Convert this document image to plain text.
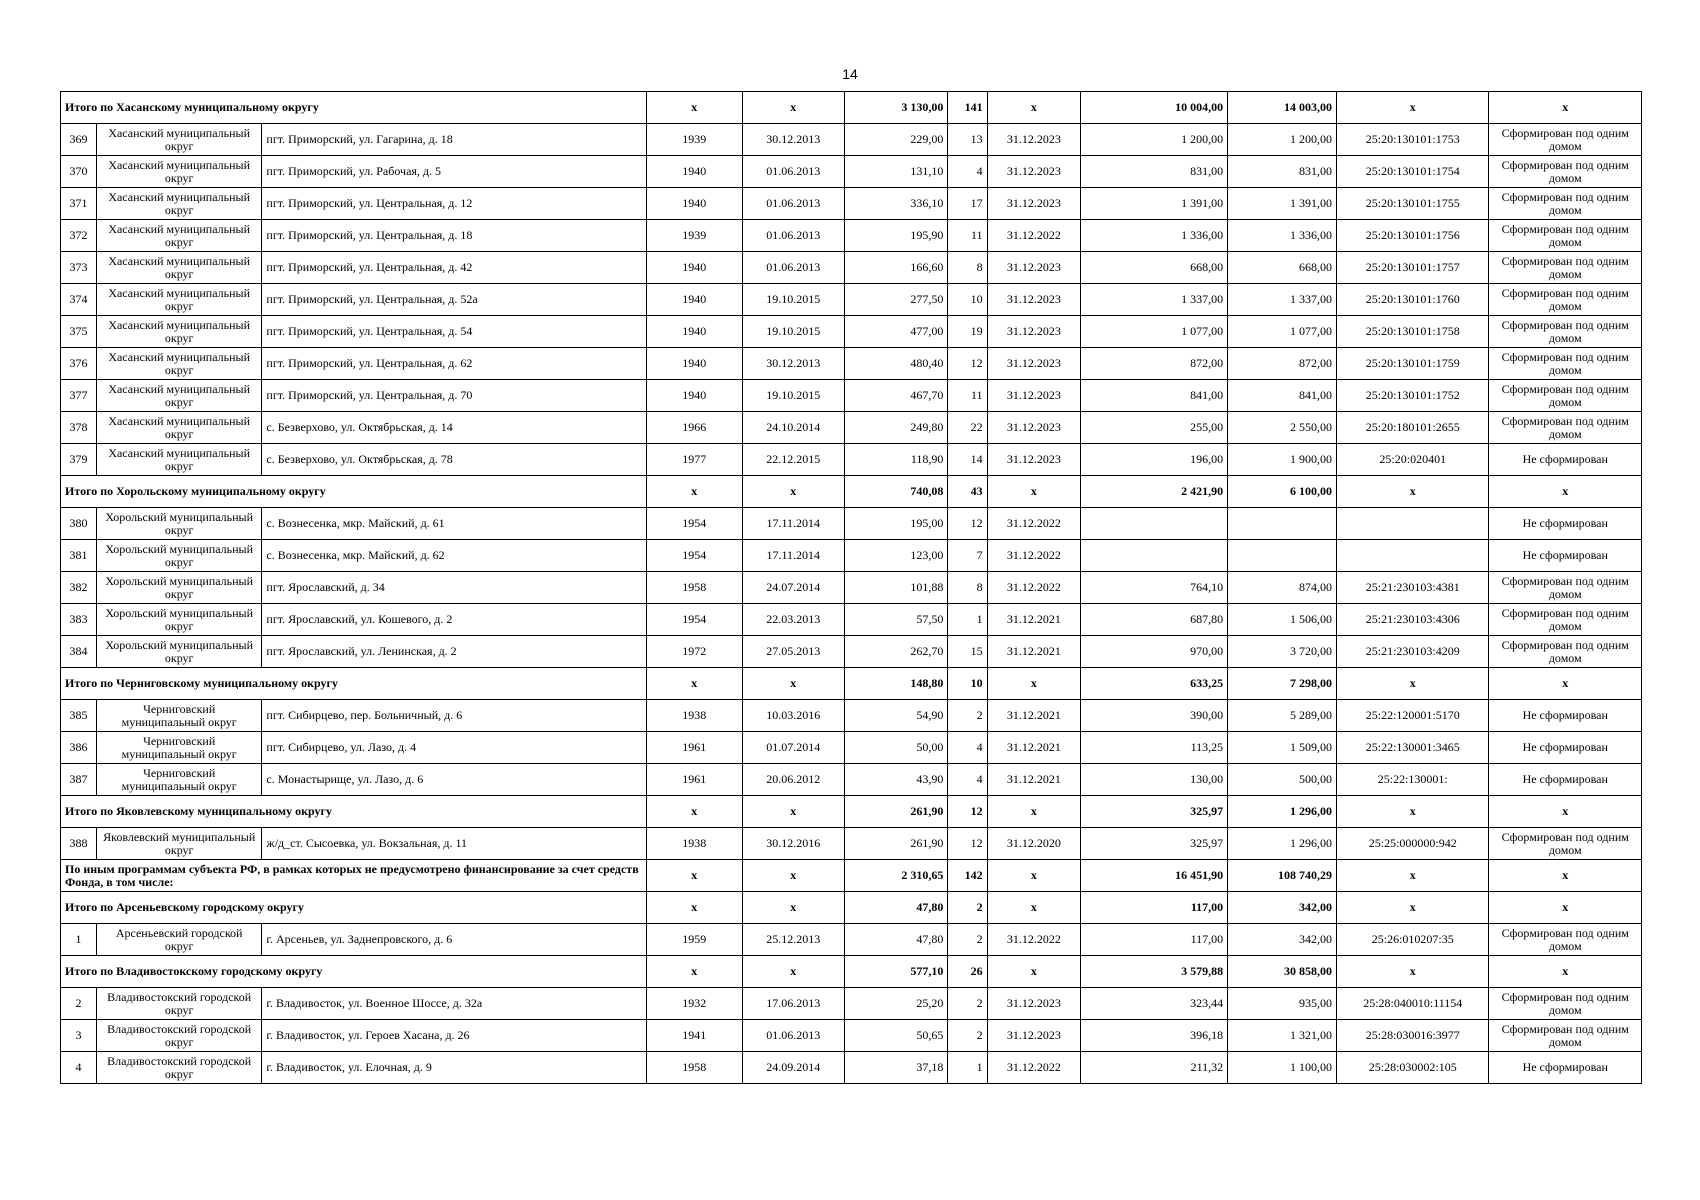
14
Итого по Хасанскому муниципальному округу			x	x	3 130,00	141	x	10 004,00	14 003,00	x	x
369	Хасанский муниципальный округ	пгт. Приморский, ул. Гагарина, д. 18	1939	30.12.2013	229,00	13	31.12.2023	1 200,00	1 200,00	25:20:130101:1753	Сформирован под одним домом
370	Хасанский муниципальный округ	пгт. Приморский, ул. Рабочая, д. 5	1940	01.06.2013	131,10	4	31.12.2023	831,00	831,00	25:20:130101:1754	Сформирован под одним домом
371	Хасанский муниципальный округ	пгт. Приморский, ул. Центральная, д. 12	1940	01.06.2013	336,10	17	31.12.2023	1 391,00	1 391,00	25:20:130101:1755	Сформирован под одним домом
372	Хасанский муниципальный округ	пгт. Приморский, ул. Центральная, д. 18	1939	01.06.2013	195,90	11	31.12.2022	1 336,00	1 336,00	25:20:130101:1756	Сформирован под одним домом
373	Хасанский муниципальный округ	пгт. Приморский, ул. Центральная, д. 42	1940	01.06.2013	166,60	8	31.12.2023	668,00	668,00	25:20:130101:1757	Сформирован под одним домом
374	Хасанский муниципальный округ	пгт. Приморский, ул. Центральная, д. 52а	1940	19.10.2015	277,50	10	31.12.2023	1 337,00	1 337,00	25:20:130101:1760	Сформирован под одним домом
375	Хасанский муниципальный округ	пгт. Приморский, ул. Центральная, д. 54	1940	19.10.2015	477,00	19	31.12.2023	1 077,00	1 077,00	25:20:130101:1758	Сформирован под одним домом
376	Хасанский муниципальный округ	пгт. Приморский, ул. Центральная, д. 62	1940	30.12.2013	480,40	12	31.12.2023	872,00	872,00	25:20:130101:1759	Сформирован под одним домом
377	Хасанский муниципальный округ	пгт. Приморский, ул. Центральная, д. 70	1940	19.10.2015	467,70	11	31.12.2023	841,00	841,00	25:20:130101:1752	Сформирован под одним домом
378	Хасанский муниципальный округ	с. Безверхово, ул. Октябрьская, д. 14	1966	24.10.2014	249,80	22	31.12.2023	255,00	2 550,00	25:20:180101:2655	Сформирован под одним домом
379	Хасанский муниципальный округ	с. Безверхово, ул. Октябрьская, д. 78	1977	22.12.2015	118,90	14	31.12.2023	196,00	1 900,00	25:20:020401	Не сформирован
Итого по Хорольскому муниципальному округу			x	x	740,08	43	x	2 421,90	6 100,00	x	x
380	Хорольский муниципальный округ	с. Вознесенка, мкр. Майский, д. 61	1954	17.11.2014	195,00	12	31.12.2022				Не сформирован
381	Хорольский муниципальный округ	с. Вознесенка, мкр. Майский, д. 62	1954	17.11.2014	123,00	7	31.12.2022				Не сформирован
382	Хорольский муниципальный округ	пгт. Ярославский, д. 34	1958	24.07.2014	101,88	8	31.12.2022	764,10	874,00	25:21:230103:4381	Сформирован под одним домом
383	Хорольский муниципальный округ	пгт. Ярославский, ул. Кошевого, д. 2	1954	22.03.2013	57,50	1	31.12.2021	687,80	1 506,00	25:21:230103:4306	Сформирован под одним домом
384	Хорольский муниципальный округ	пгт. Ярославский, ул. Ленинская, д. 2	1972	27.05.2013	262,70	15	31.12.2021	970,00	3 720,00	25:21:230103:4209	Сформирован под одним домом
Итого по Черниговскому муниципальному округу			x	x	148,80	10	x	633,25	7 298,00	x	x
385	Черниговский муниципальный округ	пгт. Сибирцево, пер. Больничный, д. 6	1938	10.03.2016	54,90	2	31.12.2021	390,00	5 289,00	25:22:120001:5170	Не сформирован
386	Черниговский муниципальный округ	пгт. Сибирцево, ул. Лазо, д. 4	1961	01.07.2014	50,00	4	31.12.2021	113,25	1 509,00	25:22:130001:3465	Не сформирован
387	Черниговский муниципальный округ	с. Монастырище, ул. Лазо, д. 6	1961	20.06.2012	43,90	4	31.12.2021	130,00	500,00	25:22:130001:	Не сформирован
Итого по Яковлевскому муниципальному округу			x	x	261,90	12	x	325,97	1 296,00	x	x
388	Яковлевский муниципальный округ	ж/д_ст. Сысоевка, ул. Вокзальная, д. 11	1938	30.12.2016	261,90	12	31.12.2020	325,97	1 296,00	25:25:000000:942	Сформирован под одним домом
По иным программам субъекта РФ, в рамках которых не предусмотрено финансирование за счет средств Фонда, в том числе:			x	x	2 310,65	142	x	16 451,90	108 740,29	x	x
Итого по Арсеньевскому городскому округу			x	x	47,80	2	x	117,00	342,00	x	x
1	Арсеньевский городской округ	г. Арсеньев, ул. Заднепровского, д. 6	1959	25.12.2013	47,80	2	31.12.2022	117,00	342,00	25:26:010207:35	Сформирован под одним домом
Итого по Владивостокскому городскому округу			x	x	577,10	26	x	3 579,88	30 858,00	x	x
2	Владивостокский городской округ	г. Владивосток, ул. Военное Шоссе, д. 32а	1932	17.06.2013	25,20	2	31.12.2023	323,44	935,00	25:28:040010:11154	Сформирован под одним домом
3	Владивостокский городской округ	г. Владивосток, ул. Героев Хасана, д. 26	1941	01.06.2013	50,65	2	31.12.2023	396,18	1 321,00	25:28:030016:3977	Сформирован под одним домом
4	Владивостокский городской округ	г. Владивосток, ул. Елочная, д. 9	1958	24.09.2014	37,18	1	31.12.2022	211,32	1 100,00	25:28:030002:105	Не сформирован
